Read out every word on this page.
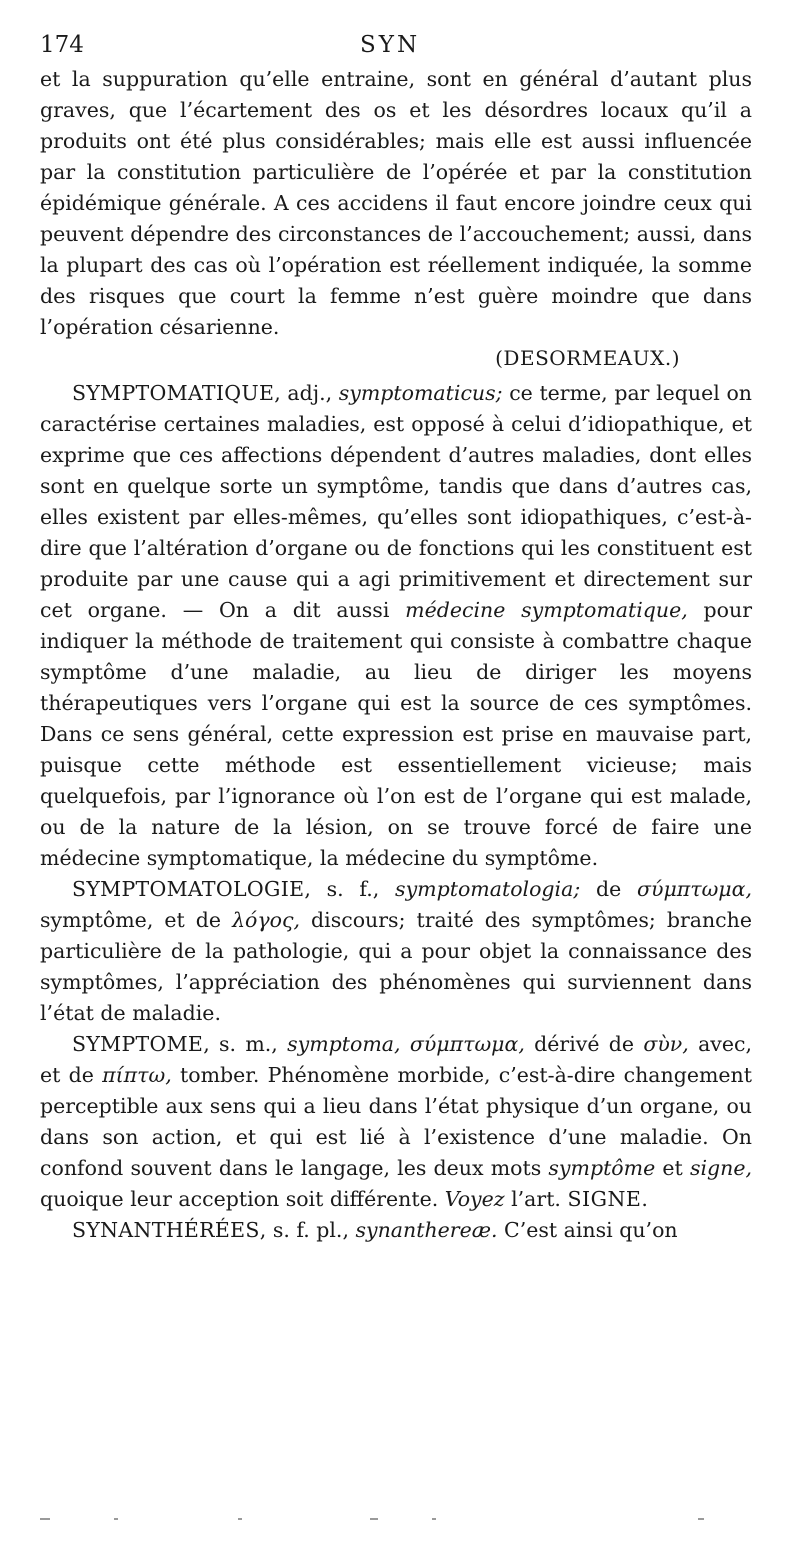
174	SYN

et la suppuration qu’elle entraine, sont en général d’autant plus graves, que l’écartement des os et les désordres locaux qu’il a produits ont été plus considérables; mais elle est aussi influencée par la constitution particulière de l’opérée et par la constitution épidémique générale. A ces accidens il faut encore joindre ceux qui peuvent dépendre des circonstances de l’accouchement; aussi, dans la plupart des cas où l’opération est réellement indiquée, la somme des risques que court la femme n’est guère moindre que dans l’opération césarienne.

(DESORMEAUX.)

SYMPTOMATIQUE, adj., symptomaticus; ce terme, par lequel on caractérise certaines maladies, est opposé à celui d’idiopathique, et exprime que ces affections dépendent d’autres maladies, dont elles sont en quelque sorte un symptôme, tandis que dans d’autres cas, elles existent par elles-mêmes, qu’elles sont idiopathiques, c’est-à-dire que l’altération d’organe ou de fonctions qui les constituent est produite par une cause qui a agi primitivement et directement sur cet organe. — On a dit aussi médecine symptomatique, pour indiquer la méthode de traitement qui consiste à combattre chaque symptôme d’une maladie, au lieu de diriger les moyens thérapeutiques vers l’organe qui est la source de ces symptômes. Dans ce sens général, cette expression est prise en mauvaise part, puisque cette méthode est essentiellement vicieuse; mais quelquefois, par l’ignorance où l’on est de l’organe qui est malade, ou de la nature de la lésion, on se trouve forcé de faire une médecine symptomatique, la médecine du symptôme.

SYMPTOMATOLOGIE, s. f., symptomatologia; de σύμπτωμα, symptôme, et de λόγος, discours; traité des symptômes; branche particulière de la pathologie, qui a pour objet la connaissance des symptômes, l’appréciation des phénomènes qui surviennent dans l’état de maladie.

SYMPTOME, s. m., symptoma, σύμπτωμα, dérivé de σὺν, avec, et de πίπτω, tomber. Phénomène morbide, c’est-à-dire changement perceptible aux sens qui a lieu dans l’état physique d’un organe, ou dans son action, et qui est lié à l’existence d’une maladie. On confond souvent dans le langage, les deux mots symptôme et signe, quoique leur acception soit différente. Voyez l’art. SIGNE.

SYNANTHÉRÉES, s. f. pl., synanthereæ. C’est ainsi qu’on
